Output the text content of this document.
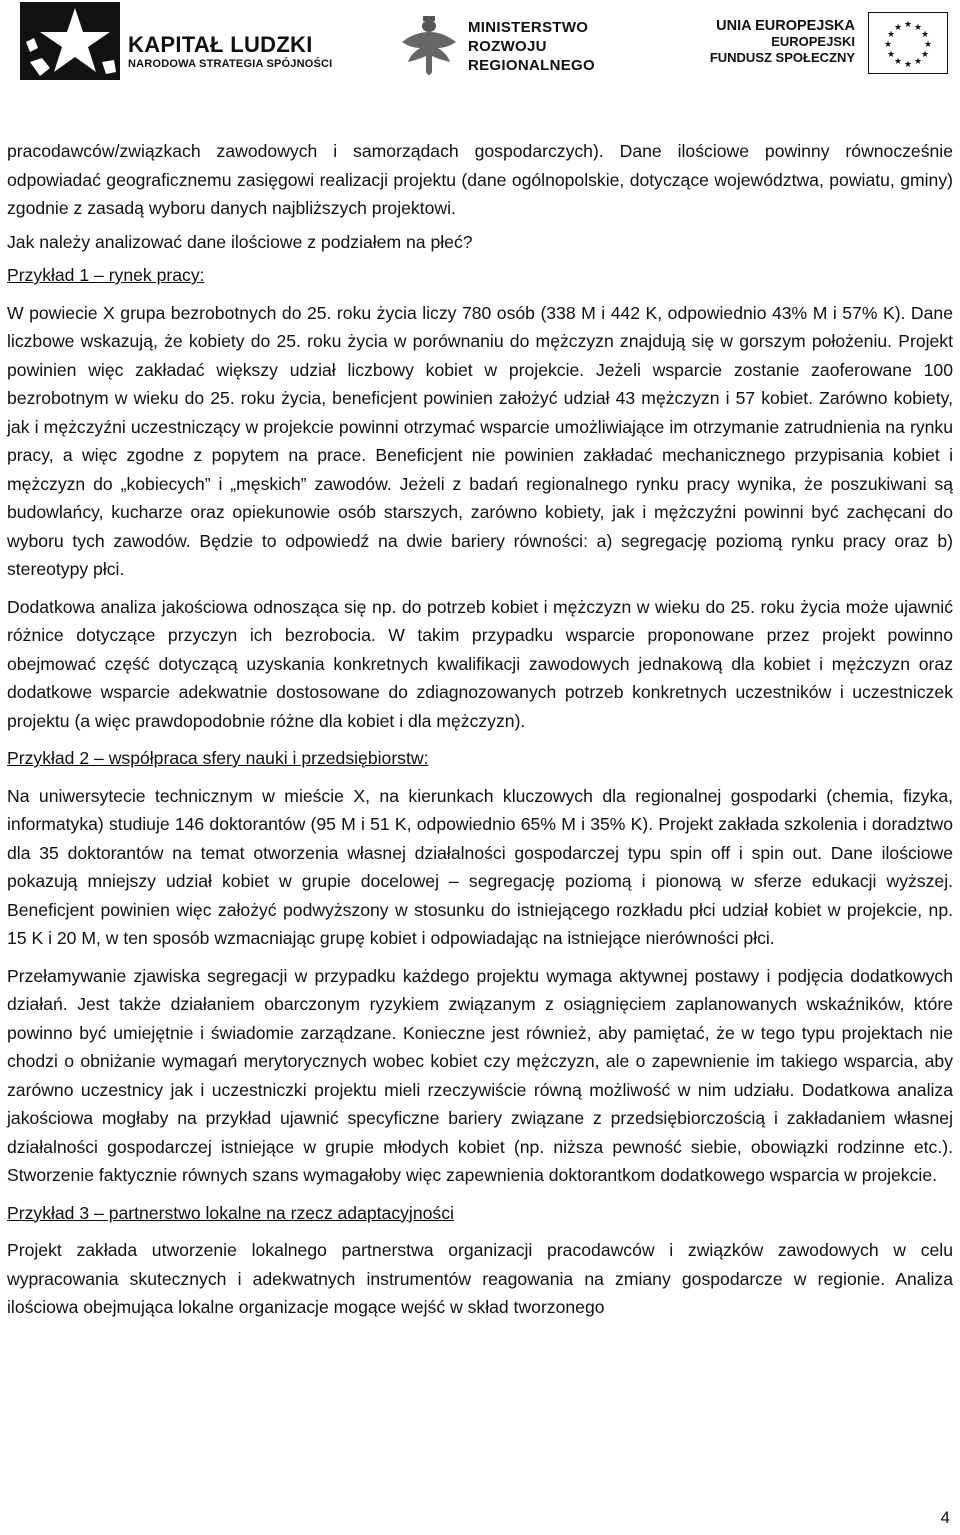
KAPITAŁ LUDZKI
NARODOWA STRATEGIA SPÓJNOŚCI
MINISTERSTWO
ROZWOJU
REGIONALNEGO
UNIA EUROPEJSKA
EUROPEJSKI
FUNDUSZ SPOŁECZNY
★ ★
★
★
★
★
★
★
★
★
★
★

pracodawców/związkach zawodowych i samorządach gospodarczych). Dane ilościowe powinny równocześnie odpowiadać geograficznemu zasięgowi realizacji projektu (dane ogólnopolskie, dotyczące województwa, powiatu, gminy) zgodnie z zasadą wyboru danych najbliższych projektowi.

Jak należy analizować dane ilościowe z podziałem na płeć?

Przykład 1 – rynek pracy:

W powiecie X grupa bezrobotnych do 25. roku życia liczy 780 osób (338 M i 442 K, odpowiednio 43% M i 57% K). Dane liczbowe wskazują, że kobiety do 25. roku życia w porównaniu do mężczyzn znajdują się w gorszym położeniu. Projekt powinien więc zakładać większy udział liczbowy kobiet w projekcie. Jeżeli wsparcie zostanie zaoferowane 100 bezrobotnym w wieku do 25. roku życia, beneficjent powinien założyć udział 43 mężczyzn i 57 kobiet. Zarówno kobiety, jak i mężczyźni uczestniczący w projekcie powinni otrzymać wsparcie umożliwiające im otrzymanie zatrudnienia na rynku pracy, a więc zgodne z popytem na prace. Beneficjent nie powinien zakładać mechanicznego przypisania kobiet i mężczyzn do „kobiecych” i „męskich” zawodów. Jeżeli z badań regionalnego rynku pracy wynika, że poszukiwani są budowlańcy, kucharze oraz opiekunowie osób starszych, zarówno kobiety, jak i mężczyźni powinni być zachęcani do wyboru tych zawodów. Będzie to odpowiedź na dwie bariery równości: a) segregację poziomą rynku pracy oraz b) stereotypy płci.

Dodatkowa analiza jakościowa odnosząca się np. do potrzeb kobiet i mężczyzn w wieku do 25. roku życia może ujawnić różnice dotyczące przyczyn ich bezrobocia. W takim przypadku wsparcie proponowane przez projekt powinno obejmować część dotyczącą uzyskania konkretnych kwalifikacji zawodowych jednakową dla kobiet i mężczyzn oraz dodatkowe wsparcie adekwatnie dostosowane do zdiagnozowanych potrzeb konkretnych uczestników i uczestniczek projektu (a więc prawdopodobnie różne dla kobiet i dla mężczyzn).

Przykład 2 – współpraca sfery nauki i przedsiębiorstw:

Na uniwersytecie technicznym w mieście X, na kierunkach kluczowych dla regionalnej gospodarki (chemia, fizyka, informatyka) studiuje 146 doktorantów (95 M i 51 K, odpowiednio 65% M i 35% K). Projekt zakłada szkolenia i doradztwo dla 35 doktorantów na temat otworzenia własnej działalności gospodarczej typu spin off i spin out. Dane ilościowe pokazują mniejszy udział kobiet w grupie docelowej – segregację poziomą i pionową w sferze edukacji wyższej. Beneficjent powinien więc założyć podwyższony w stosunku do istniejącego rozkładu płci udział kobiet w projekcie, np. 15 K i 20 M, w ten sposób wzmacniając grupę kobiet i odpowiadając na istniejące nierówności płci.

Przełamywanie zjawiska segregacji w przypadku każdego projektu wymaga aktywnej postawy i podjęcia dodatkowych działań. Jest także działaniem obarczonym ryzykiem związanym z osiągnięciem zaplanowanych wskaźników, które powinno być umiejętnie i świadomie zarządzane. Konieczne jest również, aby pamiętać, że w tego typu projektach nie chodzi o obniżanie wymagań merytorycznych wobec kobiet czy mężczyzn, ale o zapewnienie im takiego wsparcia, aby zarówno uczestnicy jak i uczestniczki projektu mieli rzeczywiście równą możliwość w nim udziału. Dodatkowa analiza jakościowa mogłaby na przykład ujawnić specyficzne bariery związane z przedsiębiorczością i zakładaniem własnej działalności gospodarczej istniejące w grupie młodych kobiet (np. niższa pewność siebie, obowiązki rodzinne etc.). Stworzenie faktycznie równych szans wymagałoby więc zapewnienia doktorantkom dodatkowego wsparcia w projekcie.

Przykład 3 – partnerstwo lokalne na rzecz adaptacyjności

Projekt zakłada utworzenie lokalnego partnerstwa organizacji pracodawców i związków zawodowych w celu wypracowania skutecznych i adekwatnych instrumentów reagowania na zmiany gospodarcze w regionie. Analiza ilościowa obejmująca lokalne organizacje mogące wejść w skład tworzonego

4
